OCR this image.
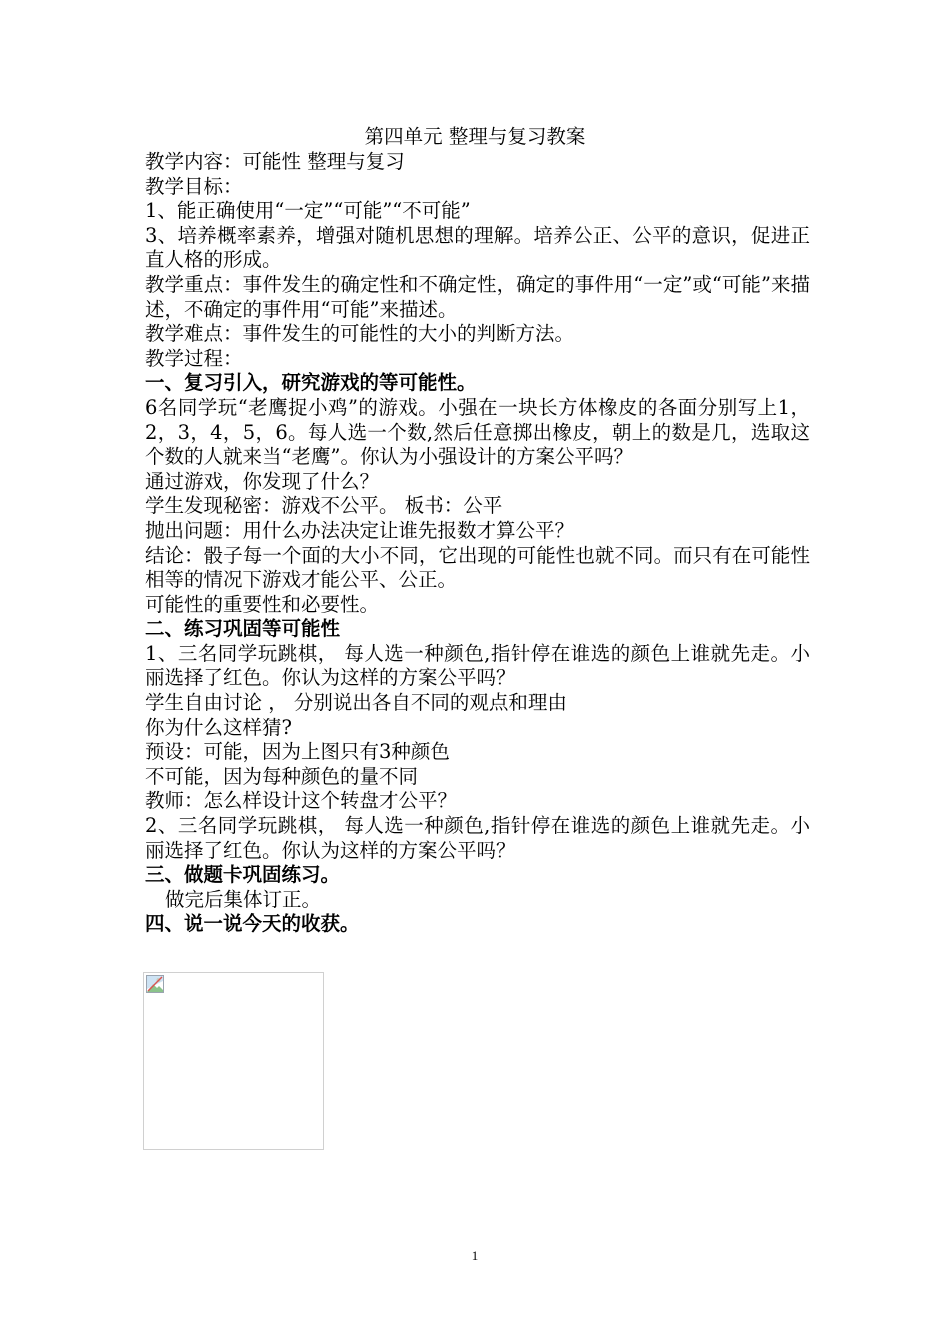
第四单元 整理与复习教案
教学内容：可能性 整理与复习
教学目标：
1、能正确使用“一定”“可能”“不可能”
3、培养概率素养，增强对随机思想的理解。培养公正、公平的意识，促进正直人格的形成。
教学重点：事件发生的确定性和不确定性，确定的事件用“一定”或“可能”来描述，不确定的事件用“可能”来描述。
教学难点：事件发生的可能性的大小的判断方法。
教学过程：
一、复习引入，研究游戏的等可能性。
6名同学玩“老鹰捉小鸡”的游戏。小强在一块长方体橡皮的各面分别写上1，2，3，4，5，6。每人选一个数,然后任意掷出橡皮，朝上的数是几，选取这个数的人就来当“老鹰”。你认为小强设计的方案公平吗？
通过游戏，你发现了什么？
学生发现秘密：游戏不公平。 板书：公平
抛出问题：用什么办法决定让谁先报数才算公平？
结论：骰子每一个面的大小不同，它出现的可能性也就不同。而只有在可能性相等的情况下游戏才能公平、公正。
可能性的重要性和必要性。
二、练习巩固等可能性
1、三名同学玩跳棋， 每人选一种颜色,指针停在谁选的颜色上谁就先走。小丽选择了红色。你认为这样的方案公平吗？
学生自由讨论 ， 分别说出各自不同的观点和理由
你为什么这样猜?
预设：可能，因为上图只有3种颜色
不可能，因为每种颜色的量不同
教师：怎么样设计这个转盘才公平？
2、三名同学玩跳棋， 每人选一种颜色,指针停在谁选的颜色上谁就先走。小丽选择了红色。你认为这样的方案公平吗？
三、做题卡巩固练习。
做完后集体订正。
四、说一说今天的收获。
1
